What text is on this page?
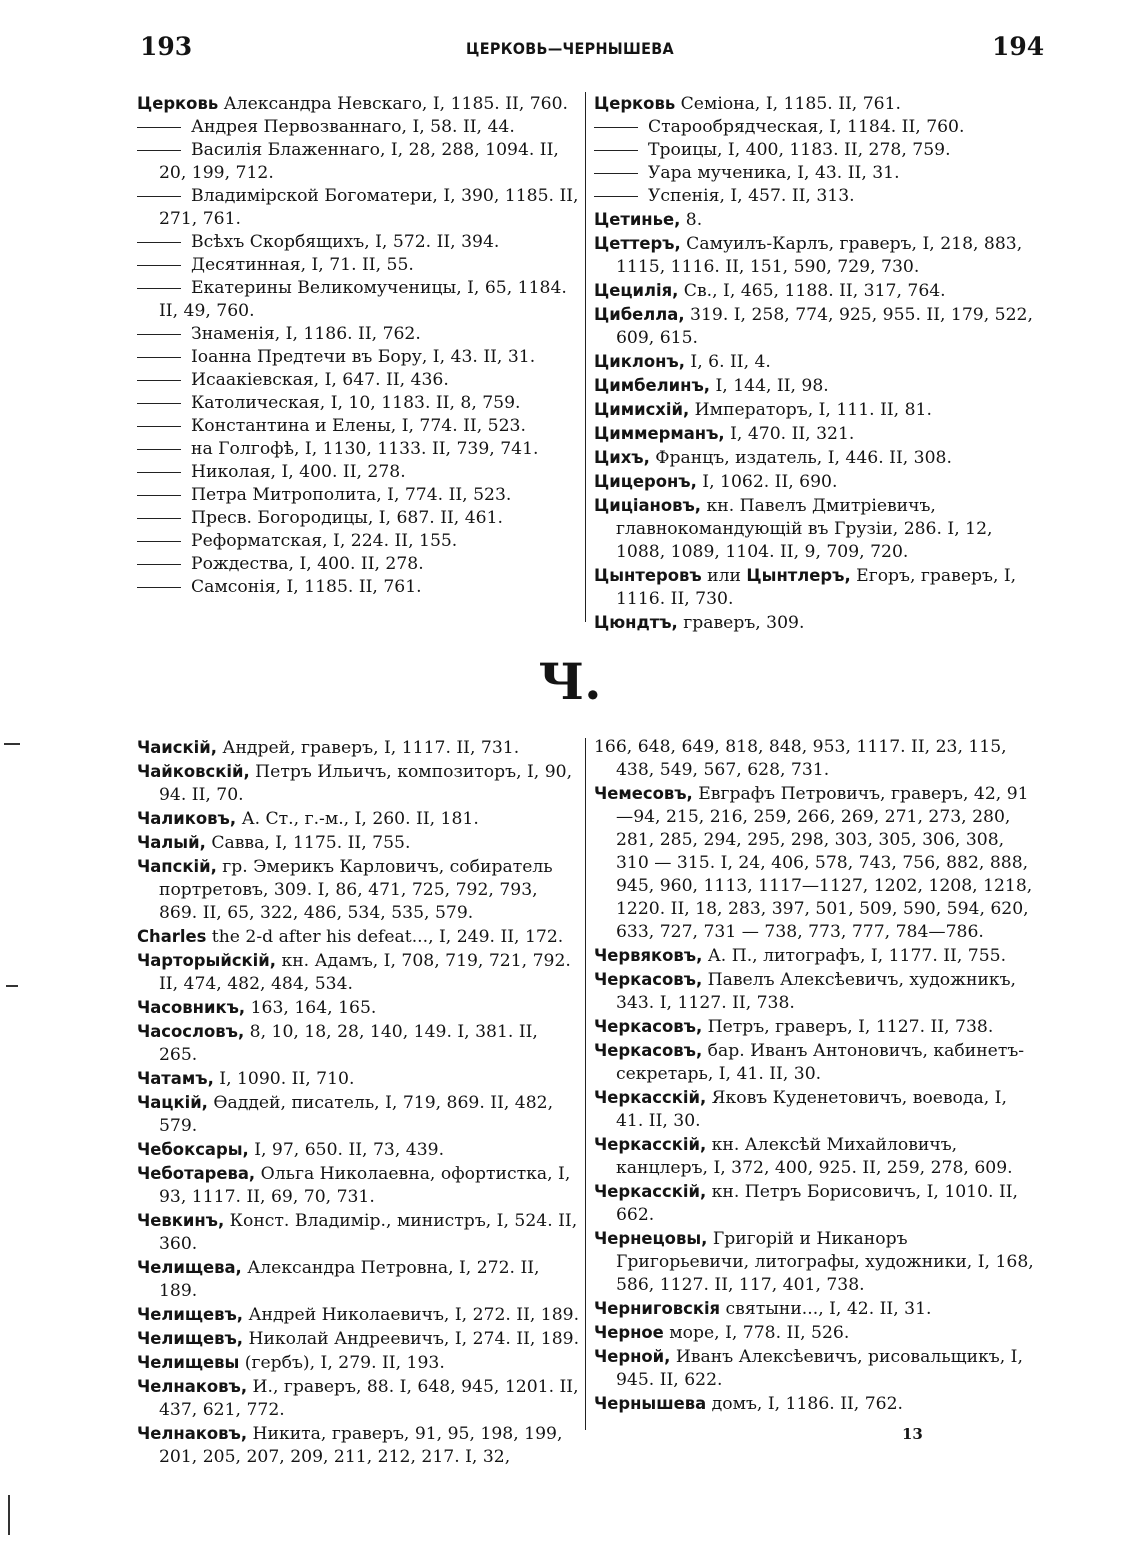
193	ЦЕРКОВЬ—ЧЕРНЫШЕВА	194

Церковь Александра Невскаго, I, 1185. II, 760.

Андрея Первозваннаго, I, 58. II, 44.

Василія Блаженнаго, I, 28, 288, 1094. II, 20, 199, 712.

Владимірской Богоматери, I, 390, 1185. II, 271, 761.

Всѣхъ Скорбящихъ, I, 572. II, 394.

Десятинная, I, 71. II, 55.

Екатерины Великомученицы, I, 65, 1184. II, 49, 760.

Знаменія, I, 1186. II, 762.

Іоанна Предтечи въ Бору, I, 43. II, 31.

Исаакіевская, I, 647. II, 436.

Католическая, I, 10, 1183. II, 8, 759.

Константина и Елены, I, 774. II, 523.

на Голгофѣ, I, 1130, 1133. II, 739, 741.

Николая, I, 400. II, 278.

Петра Митрополита, I, 774. II, 523.

Пресв. Богородицы, I, 687. II, 461.

Реформатская, I, 224. II, 155.

Рождества, I, 400. II, 278.

Самсонія, I, 1185. II, 761.

Церковь Семіона, I, 1185. II, 761.

Старообрядческая, I, 1184. II, 760.

Троицы, I, 400, 1183. II, 278, 759.

Уара мученика, I, 43. II, 31.

Успенія, I, 457. II, 313.

Цетинье, 8.

Цеттеръ, Самуилъ-Карлъ, граверъ, I, 218, 883, 1115, 1116. II, 151, 590, 729, 730.

Цецилія, Св., I, 465, 1188. II, 317, 764.

Цибелла, 319. I, 258, 774, 925, 955. II, 179, 522, 609, 615.

Циклонъ, I, 6. II, 4.

Цимбелинъ, I, 144, II, 98.

Цимисхій, Императоръ, I, 111. II, 81.

Циммерманъ, I, 470. II, 321.

Цихъ, Францъ, издатель, I, 446. II, 308.

Цицеронъ, I, 1062. II, 690.

Циціановъ, кн. Павелъ Дмитріевичъ, главнокомандующій въ Грузіи, 286. I, 12, 1088, 1089, 1104. II, 9, 709, 720.

Цынтеровъ или Цынтлеръ, Егоръ, граверъ, I, 1116. II, 730.

Цюндтъ, граверъ, 309.

Ч.

Чаискій, Андрей, граверъ, I, 1117. II, 731.

Чайковскій, Петръ Ильичъ, композиторъ, I, 90, 94. II, 70.

Чаликовъ, А. Ст., г.-м., I, 260. II, 181.

Чалый, Савва, I, 1175. II, 755.

Чапскій, гр. Эмерикъ Карловичъ, собиратель портретовъ, 309. I, 86, 471, 725, 792, 793, 869. II, 65, 322, 486, 534, 535, 579.

Charles the 2-d after his defeat..., I, 249. II, 172.

Чарторыйскій, кн. Адамъ, I, 708, 719, 721, 792. II, 474, 482, 484, 534.

Часовникъ, 163, 164, 165.

Часословъ, 8, 10, 18, 28, 140, 149. I, 381. II, 265.

Чатамъ, I, 1090. II, 710.

Чацкій, Ѳаддей, писатель, I, 719, 869. II, 482, 579.

Чебоксары, I, 97, 650. II, 73, 439.

Чеботарева, Ольга Николаевна, офортистка, I, 93, 1117. II, 69, 70, 731.

Чевкинъ, Конст. Владимір., министръ, I, 524. II, 360.

Челищева, Александра Петровна, I, 272. II, 189.

Челищевъ, Андрей Николаевичъ, I, 272. II, 189.

Челищевъ, Николай Андреевичъ, I, 274. II, 189.

Челищевы (гербъ), I, 279. II, 193.

Челнаковъ, И., граверъ, 88. I, 648, 945, 1201. II, 437, 621, 772.

Челнаковъ, Никита, граверъ, 91, 95, 198, 199, 201, 205, 207, 209, 211, 212, 217. I, 32,

166, 648, 649, 818, 848, 953, 1117. II, 23, 115, 438, 549, 567, 628, 731.

Чемесовъ, Евграфъ Петровичъ, граверъ, 42, 91—94, 215, 216, 259, 266, 269, 271, 273, 280, 281, 285, 294, 295, 298, 303, 305, 306, 308, 310 — 315. I, 24, 406, 578, 743, 756, 882, 888, 945, 960, 1113, 1117—1127, 1202, 1208, 1218, 1220. II, 18, 283, 397, 501, 509, 590, 594, 620, 633, 727, 731 — 738, 773, 777, 784—786.

Червяковъ, А. П., литографъ, I, 1177. II, 755.

Черкасовъ, Павелъ Алексѣевичъ, художникъ, 343. I, 1127. II, 738.

Черкасовъ, Петръ, граверъ, I, 1127. II, 738.

Черкасовъ, бар. Иванъ Антоновичъ, кабинетъ-секретарь, I, 41. II, 30.

Черкасскій, Яковъ Куденетовичъ, воевода, I, 41. II, 30.

Черкасскій, кн. Алексѣй Михайловичъ, канцлеръ, I, 372, 400, 925. II, 259, 278, 609.

Черкасскій, кн. Петръ Борисовичъ, I, 1010. II, 662.

Чернецовы, Григорій и Никаноръ Григорьевичи, литографы, художники, I, 168, 586, 1127. II, 117, 401, 738.

Черниговскія святыни..., I, 42. II, 31.

Черное море, I, 778. II, 526.

Черной, Иванъ Алексѣевичъ, рисовальщикъ, I, 945. II, 622.

Чернышева домъ, I, 1186. II, 762.

13
